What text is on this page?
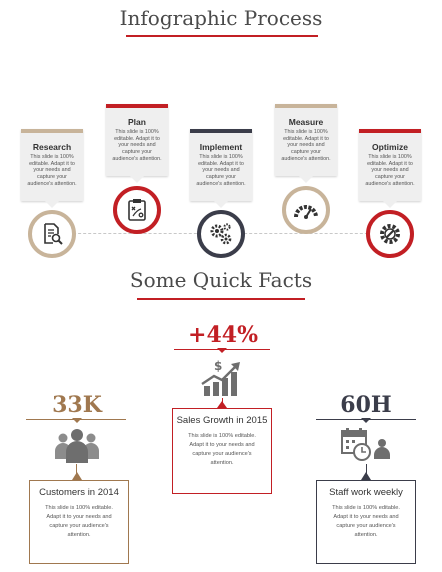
Infographic Process
Research
This slide is 100% editable. Adapt it to your needs and capture your audience's attention.
Plan
This slide is 100% editable. Adapt it to your needs and capture your audience's attention.
Implement
This slide is 100% editable. Adapt it to your needs and capture your audience's attention.
Measure
This slide is 100% editable. Adapt it to your needs and capture your audience's attention.
Optimize
This slide is 100% editable. Adapt it to your needs and capture your audience's attention.
Some Quick Facts
33K
Customers in 2014
This slide is 100% editable. Adapt it to your needs and capture your audience's attention.
+44%
$
Sales Growth in 2015
This slide is 100% editable. Adapt it to your needs and capture your audience's attention.
60H
Staff work weekly
This slide is 100% editable. Adapt it to your needs and capture your audience's attention.
